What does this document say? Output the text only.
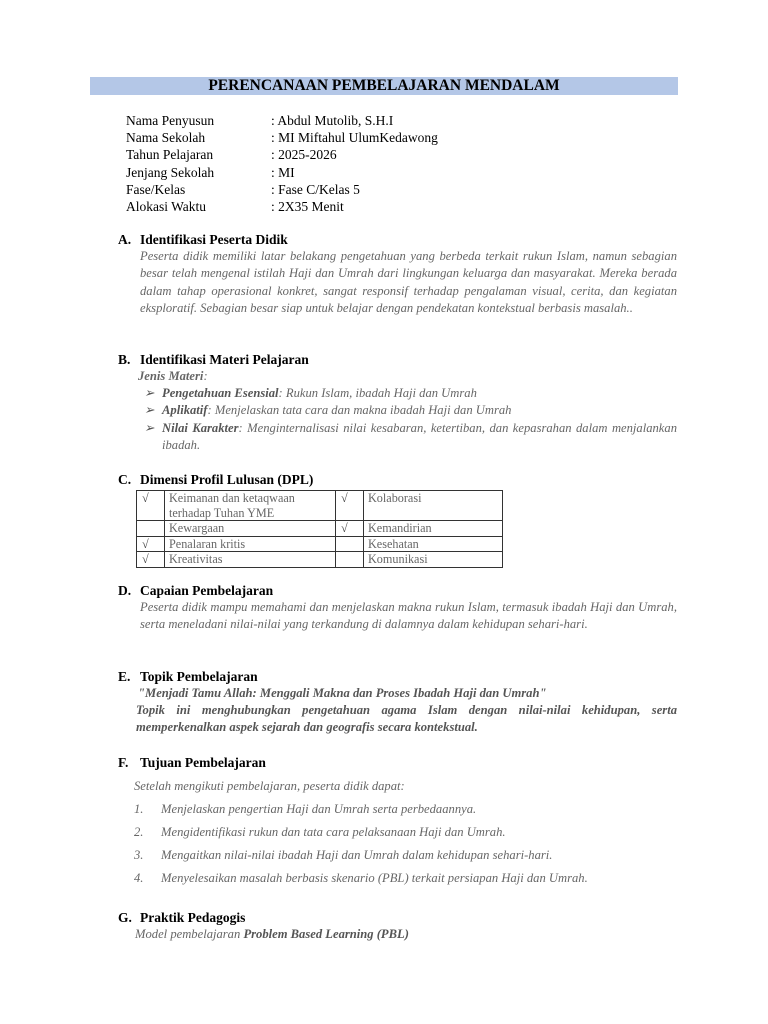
PERENCANAAN PEMBELAJARAN MENDALAM
Nama Penyusun	: Abdul Mutolib, S.H.I
Nama Sekolah	: MI Miftahul UlumKedawong
Tahun Pelajaran	: 2025-2026
Jenjang Sekolah	: MI
Fase/Kelas	: Fase C/Kelas 5
Alokasi Waktu	: 2X35 Menit
A. Identifikasi Peserta Didik
Peserta didik memiliki latar belakang pengetahuan yang berbeda terkait rukun Islam, namun sebagian besar telah mengenal istilah Haji dan Umrah dari lingkungan keluarga dan masyarakat. Mereka berada dalam tahap operasional konkret, sangat responsif terhadap pengalaman visual, cerita, dan kegiatan eksploratif. Sebagian besar siap untuk belajar dengan pendekatan kontekstual berbasis masalah..
B. Identifikasi Materi Pelajaran
Jenis Materi:
➢ Pengetahuan Esensial: Rukun Islam, ibadah Haji dan Umrah
➢ Aplikatif: Menjelaskan tata cara dan makna ibadah Haji dan Umrah
➢ Nilai Karakter: Menginternalisasi nilai kesabaran, ketertiban, dan kepasrahan dalam menjalankan ibadah.
C. Dimensi Profil Lulusan (DPL)
√	Keimanan dan ketaqwaan terhadap Tuhan YME	√	Kolaborasi
	Kewargaan	√	Kemandirian
√	Penalaran kritis		Kesehatan
√	Kreativitas		Komunikasi
D. Capaian Pembelajaran
Peserta didik mampu memahami dan menjelaskan makna rukun Islam, termasuk ibadah Haji dan Umrah, serta meneladani nilai-nilai yang terkandung di dalamnya dalam kehidupan sehari-hari.
E. Topik Pembelajaran
"Menjadi Tamu Allah: Menggali Makna dan Proses Ibadah Haji dan Umrah"
Topik ini menghubungkan pengetahuan agama Islam dengan nilai-nilai kehidupan, serta memperkenalkan aspek sejarah dan geografis secara kontekstual.
F. Tujuan Pembelajaran
Setelah mengikuti pembelajaran, peserta didik dapat:
1. Menjelaskan pengertian Haji dan Umrah serta perbedaannya.
2. Mengidentifikasi rukun dan tata cara pelaksanaan Haji dan Umrah.
3. Mengaitkan nilai-nilai ibadah Haji dan Umrah dalam kehidupan sehari-hari.
4. Menyelesaikan masalah berbasis skenario (PBL) terkait persiapan Haji dan Umrah.
G. Praktik Pedagogis
Model pembelajaran Problem Based Learning (PBL)
